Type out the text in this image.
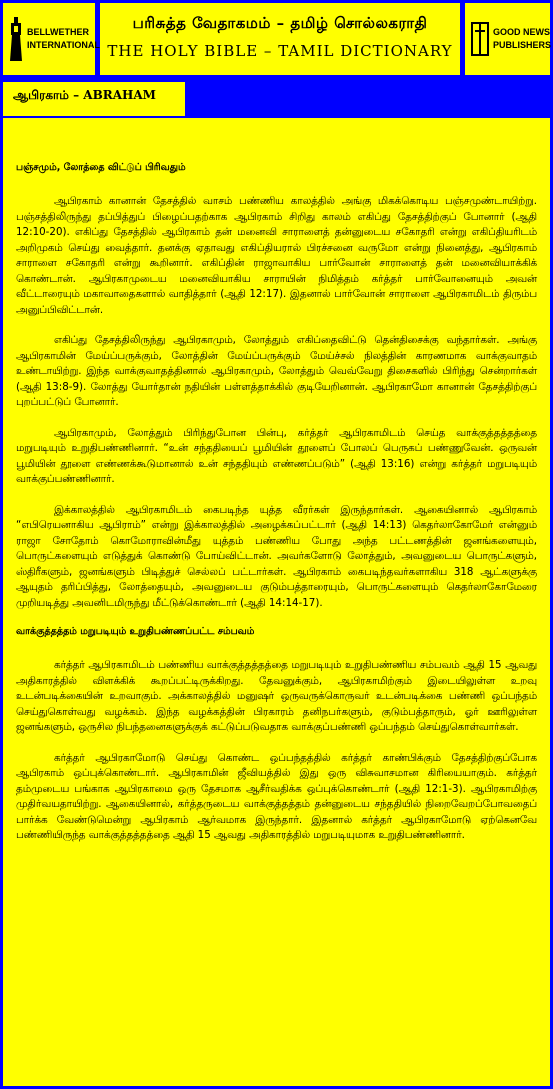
BELLWETHER
INTERNATIONAL
பரிசுத்த வேதாகமம் – தமிழ் சொல்லகராதி
THE HOLY BIBLE – TAMIL DICTIONARY
GOOD NEWS
PUBLISHERS
ஆபிரகாம் – ABRAHAM
பஞ்சமும், லோத்தை விட்டுப் பிரிவதும்

ஆபிரகாம் கானான் தேசத்தில் வாசம் பண்ணிய காலத்தில் அங்கு மிகக்கொடிய பஞ்சமுண்டாயிற்று. பஞ்சத்திலிருந்து தப்பித்துப் பிழைப்பதற்காக ஆபிரகாம் சிறிது காலம் எகிப்து தேசத்திற்குப் போனார் (ஆதி 12:10-20). எகிப்து தேசத்தில் ஆபிரகாம் தன் மனைவி சாராளைத் தன்னுடைய சகோதரி என்று எகிப்தியரிடம் அறிமுகம் செய்து வைத்தார். தனக்கு ஏதாவது எகிப்தியரால் பிரச்சனை வருமோ என்று நினைத்து, ஆபிரகாம் சாராளை சகோதரி என்று கூறினார். எகிப்தின் ராஜாவாகிய பார்வோன் சாராளைத் தன் மனைவியாக்கிக் கொண்டான். ஆபிரகாமுடைய மனைவியாகிய சாராயின் நிமித்தம் கர்த்தர் பார்வோனையும் அவன் வீட்டாரையும் மகாவாதைகளால் வாதித்தார் (ஆதி 12:17). இதனால் பார்வோன் சாராளை ஆபிரகாமிடம் திரும்ப அனுப்பிவிட்டான்.

எகிப்து தேசத்திலிருந்து ஆபிரகாமும், லோத்தும் எகிப்தைவிட்டு தென்திசைக்கு வந்தார்கள். அங்கு ஆபிரகாமின் மேய்ப்பருக்கும், லோத்தின் மேய்ப்பருக்கும் மேய்ச்சல் நிலத்தின் காரணமாக வாக்குவாதம் உண்டாயிற்று. இந்த வாக்குவாதத்தினால் ஆபிரகாமும், லோத்தும் வெவ்வேறு திசைகளில் பிரிந்து சென்றார்கள் (ஆதி 13:8-9). லோத்து யோர்தான் நதியின் பள்ளத்தாக்கில் குடியேறினான். ஆபிரகாமோ கானான் தேசத்திற்குப் புறப்பட்டுப் போனார்.

ஆபிரகாமும், லோத்தும் பிரிந்துபோன பின்பு, கர்த்தர் ஆபிரகாமிடம் செய்த வாக்குத்தத்தத்தை மறுபடியும் உறுதிபண்ணினார். “உன் சந்ததியைப் பூமியின் தூளைப் போலப் பெருகப் பண்ணுவேன். ஒருவன் பூமியின் தூளை எண்ணக்கூடுமானால் உன் சந்ததியும் எண்ணப்படும்” (ஆதி 13:16) என்று கர்த்தர் மறுபடியும் வாக்குப்பண்ணினார்.

இக்காலத்தில் ஆபிரகாமிடம் கைபடிந்த யுத்த வீரர்கள் இருந்தார்கள். ஆகையினால் ஆபிரகாம் “எபிரெயனாகிய ஆபிராம்” என்று இக்காலத்தில் அழைக்கப்பட்டார் (ஆதி 14:13) கெதர்லாகோமேர் என்னும் ராஜா சோதோம் கொமோராவின்மீது யுத்தம் பண்ணிய போது அந்த பட்டணத்தின் ஜனங்களையும், பொருட்களையும் எடுத்துக் கொண்டு போய்விட்டான். அவர்களோடு லோத்தும், அவனுடைய பொருட்களும், ஸ்திரீகளும், ஜனங்களும் பிடித்துச் செல்லப் பட்டார்கள். ஆபிரகாம் கைபடிந்தவர்களாகிய 318 ஆட்களுக்கு ஆயுதம் தரிப்பித்து, லோத்தையும், அவனுடைய குடும்பத்தாரையும், பொருட்களையும் கெதர்லாகோமேரை முறியடித்து அவனிடமிருந்து மீட்டுக்கொண்டார் (ஆதி 14:14-17).

வாக்குத்தத்தம் மறுபடியும் உறுதிபண்ணப்பட்ட சம்பவம்

கர்த்தர் ஆபிரகாமிடம் பண்ணிய வாக்குத்தத்தத்தை மறுபடியும் உறுதிபண்ணிய சம்பவம் ஆதி 15 ஆவது அதிகாரத்தில் விளக்கிக் கூறப்பட்டிருக்கிறது. தேவனுக்கும், ஆபிரகாமிற்கும் இடையிலுள்ள உறவு உடன்படிக்கையின் உறவாகும். அக்காலத்தில் மனுஷர் ஒருவருக்கொருவர் உடன்படிக்கை பண்ணி ஒப்பந்தம் செய்துகொள்வது வழக்கம். இந்த வழக்கத்தின் பிரகாரம் தனிநபர்களும், குடும்பத்தாரும், ஓர் ஊரிலுள்ள ஜனங்களும், ஒருசில நிபந்தனைகளுக்குக் கட்டுப்படுவதாக வாக்குப்பண்ணி ஒப்பந்தம் செய்துகொள்வார்கள்.

கர்த்தர் ஆபிரகாமோடு செய்து கொண்ட ஒப்பந்தத்தில் கர்த்தர் காண்பிக்கும் தேசத்திற்குப்போக ஆபிரகாம் ஒப்புக்கொண்டார். ஆபிரகாமின் ஜீவியத்தில் இது ஒரு விசுவாசமான கிரியையாகும். கர்த்தர் தம்முடைய பங்காக ஆபிரகாமை ஒரு தேசமாக ஆசீர்வதிக்க ஒப்புக்கொண்டார் (ஆதி 12:1-3). ஆபிரகாமிற்கு முதிர்வயதாயிற்று. ஆகையினால், கர்த்தருடைய வாக்குத்தத்தம் தன்னுடைய சந்ததியில் நிறைவேறப்போவதைப் பார்க்க வேண்டுமென்று ஆபிரகாம் ஆர்வமாக இருந்தார். இதனால் கர்த்தர் ஆபிரகாமோடு ஏற்கெனவே பண்ணியிருந்த வாக்குத்தத்தத்தை ஆதி 15 ஆவது அதிகாரத்தில் மறுபடியுமாக உறுதிபண்ணினார்.
